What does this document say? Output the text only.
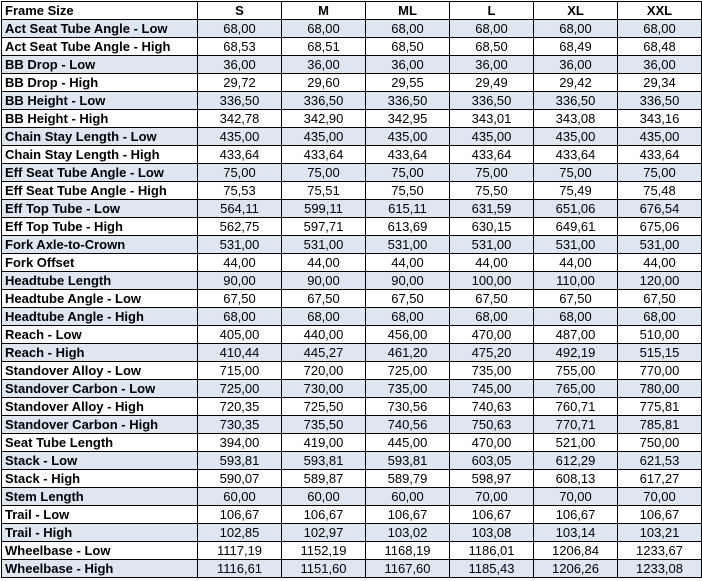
Frame Size	S	M	ML	L	XL	XXL
Act Seat Tube Angle - Low	68,00	68,00	68,00	68,00	68,00	68,00
Act Seat Tube Angle - High	68,53	68,51	68,50	68,50	68,49	68,48
BB Drop - Low	36,00	36,00	36,00	36,00	36,00	36,00
BB Drop - High	29,72	29,60	29,55	29,49	29,42	29,34
BB Height - Low	336,50	336,50	336,50	336,50	336,50	336,50
BB Height - High	342,78	342,90	342,95	343,01	343,08	343,16
Chain Stay Length - Low	435,00	435,00	435,00	435,00	435,00	435,00
Chain Stay Length - High	433,64	433,64	433,64	433,64	433,64	433,64
Eff Seat Tube Angle - Low	75,00	75,00	75,00	75,00	75,00	75,00
Eff Seat Tube Angle - High	75,53	75,51	75,50	75,50	75,49	75,48
Eff Top Tube - Low	564,11	599,11	615,11	631,59	651,06	676,54
Eff Top Tube - High	562,75	597,71	613,69	630,15	649,61	675,06
Fork Axle-to-Crown	531,00	531,00	531,00	531,00	531,00	531,00
Fork Offset	44,00	44,00	44,00	44,00	44,00	44,00
Headtube Length	90,00	90,00	90,00	100,00	110,00	120,00
Headtube Angle - Low	67,50	67,50	67,50	67,50	67,50	67,50
Headtube Angle - High	68,00	68,00	68,00	68,00	68,00	68,00
Reach - Low	405,00	440,00	456,00	470,00	487,00	510,00
Reach - High	410,44	445,27	461,20	475,20	492,19	515,15
Standover Alloy - Low	715,00	720,00	725,00	735,00	755,00	770,00
Standover Carbon - Low	725,00	730,00	735,00	745,00	765,00	780,00
Standover Alloy - High	720,35	725,50	730,56	740,63	760,71	775,81
Standover Carbon - High	730,35	735,50	740,56	750,63	770,71	785,81
Seat Tube Length	394,00	419,00	445,00	470,00	521,00	750,00
Stack - Low	593,81	593,81	593,81	603,05	612,29	621,53
Stack - High	590,07	589,87	589,79	598,97	608,13	617,27
Stem Length	60,00	60,00	60,00	70,00	70,00	70,00
Trail - Low	106,67	106,67	106,67	106,67	106,67	106,67
Trail - High	102,85	102,97	103,02	103,08	103,14	103,21
Wheelbase - Low	1117,19	1152,19	1168,19	1186,01	1206,84	1233,67
Wheelbase - High	1116,61	1151,60	1167,60	1185,43	1206,26	1233,08
